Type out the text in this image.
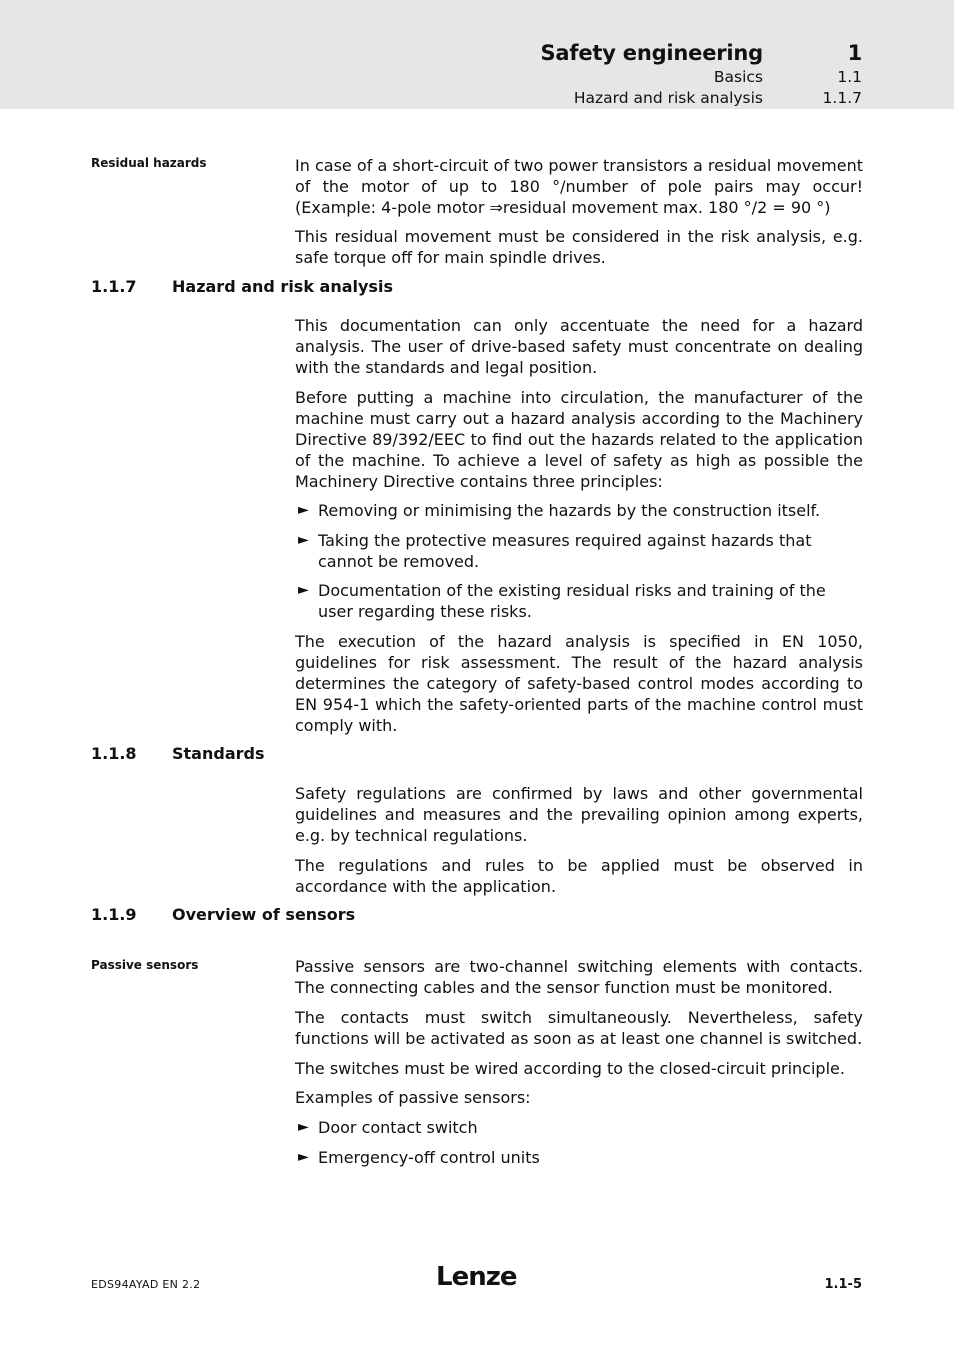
Safety engineering	1
Basics	1.1
Hazard and risk analysis	1.1.7
Residual hazards	In case of a short-circuit of two power transistors a residual movement of the motor of up to 180 °/number of pole pairs may occur! (Example: 4-pole motor ⇒residual movement max. 180 °/2 = 90 °)
This residual movement must be considered in the risk analysis, e.g. safe torque off for main spindle drives.
1.1.7 Hazard and risk analysis
This documentation can only accentuate the need for a hazard analysis. The user of drive-based safety must concentrate on dealing with the standards and legal position.
Before putting a machine into circulation, the manufacturer of the machine must carry out a hazard analysis according to the Machinery Directive 89/392/EEC to find out the hazards related to the application of the machine. To achieve a level of safety as high as possible the Machinery Directive contains three principles:
► Removing or minimising the hazards by the construction itself.
► Taking the protective measures required against hazards that cannot be removed.
► Documentation of the existing residual risks and training of the user regarding these risks.
The execution of the hazard analysis is specified in EN 1050, guidelines for risk assessment. The result of the hazard analysis determines the category of safety-based control modes according to EN 954-1 which the safety-oriented parts of the machine control must comply with.
1.1.8 Standards
Safety regulations are confirmed by laws and other governmental guidelines and measures and the prevailing opinion among experts, e.g. by technical regulations.
The regulations and rules to be applied must be observed in accordance with the application.
1.1.9 Overview of sensors
Passive sensors	Passive sensors are two-channel switching elements with contacts. The connecting cables and the sensor function must be monitored.
The contacts must switch simultaneously. Nevertheless, safety functions will be activated as soon as at least one channel is switched.
The switches must be wired according to the closed-circuit principle.
Examples of passive sensors:
► Door contact switch
► Emergency-off control units
EDS94AYAD EN 2.2	Lenze	1.1-5
